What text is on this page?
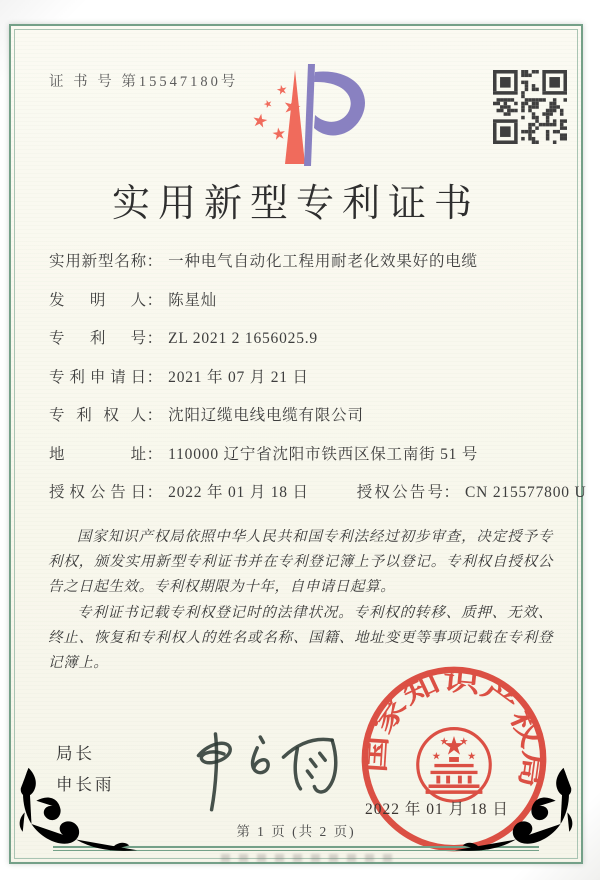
证 书 号 第15547180号
实用新型专利证书
实用新型名称： 一种电气自动化工程用耐老化效果好的电缆
发明人： 陈星灿
专利号： ZL 2021 2 1656025.9
专利申请日： 2021 年 07 月 21 日
专利权人： 沈阳辽缆电线电缆有限公司
地址： 110000 辽宁省沈阳市铁西区保工南街 51 号
授权公告日： 2022 年 01 月 18 日	授权公告号： CN 215577800 U

国家知识产权局依照中华人民共和国专利法经过初步审查，决定授予专利权，颁发实用新型专利证书并在专利登记簿上予以登记。专利权自授权公告之日起生效。专利权期限为十年，自申请日起算。

专利证书记载专利权登记时的法律状况。专利权的转移、质押、无效、终止、恢复和专利权人的姓名或名称、国籍、地址变更等事项记载在专利登记簿上。

局长
申长雨
国家知识产权局
2022 年 01 月 18 日
第 1 页 (共 2 页)
